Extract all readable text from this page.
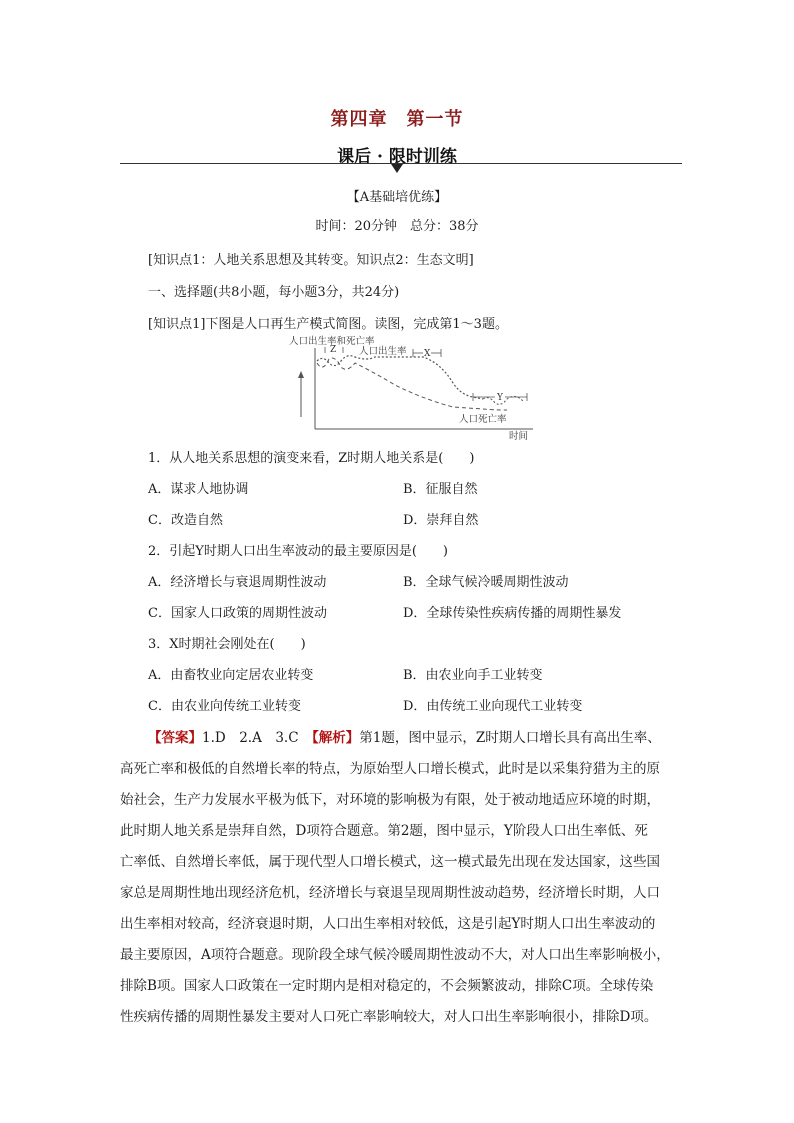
第四章　第一节
课后 · 限时训练
【A基础培优练】
时间：20分钟　总分：38分
[知识点1：人地关系思想及其转变。知识点2：生态文明]
一、选择题(共8小题，每小题3分，共24分)
[知识点1]下图是人口再生产模式简图。读图，完成第1～3题。
人口出生率和死亡率
Z 人口出生率 X
Y
人口死亡率
时间
1．从人地关系思想的演变来看，Z时期人地关系是(　　)
A．谋求人地协调	B．征服自然
C．改造自然	D．崇拜自然
2．引起Y时期人口出生率波动的最主要原因是(　　)
A．经济增长与衰退周期性波动	B．全球气候冷暖周期性波动
C．国家人口政策的周期性波动	D．全球传染性疾病传播的周期性暴发
3．X时期社会刚处在(　　)
A．由畜牧业向定居农业转变	B．由农业向手工业转变
C．由农业向传统工业转变	D．由传统工业向现代工业转变
【答案】1.D　2.A　3.C　【解析】第1题，图中显示，Z时期人口增长具有高出生率、
高死亡率和极低的自然增长率的特点，为原始型人口增长模式，此时是以采集狩猎为主的原
始社会，生产力发展水平极为低下，对环境的影响极为有限，处于被动地适应环境的时期，
此时期人地关系是崇拜自然，D项符合题意。第2题，图中显示，Y阶段人口出生率低、死
亡率低、自然增长率低，属于现代型人口增长模式，这一模式最先出现在发达国家，这些国
家总是周期性地出现经济危机，经济增长与衰退呈现周期性波动趋势，经济增长时期，人口
出生率相对较高，经济衰退时期，人口出生率相对较低，这是引起Y时期人口出生率波动的
最主要原因，A项符合题意。现阶段全球气候冷暖周期性波动不大，对人口出生率影响极小，
排除B项。国家人口政策在一定时期内是相对稳定的，不会频繁波动，排除C项。全球传染
性疾病传播的周期性暴发主要对人口死亡率影响较大，对人口出生率影响很小，排除D项。
